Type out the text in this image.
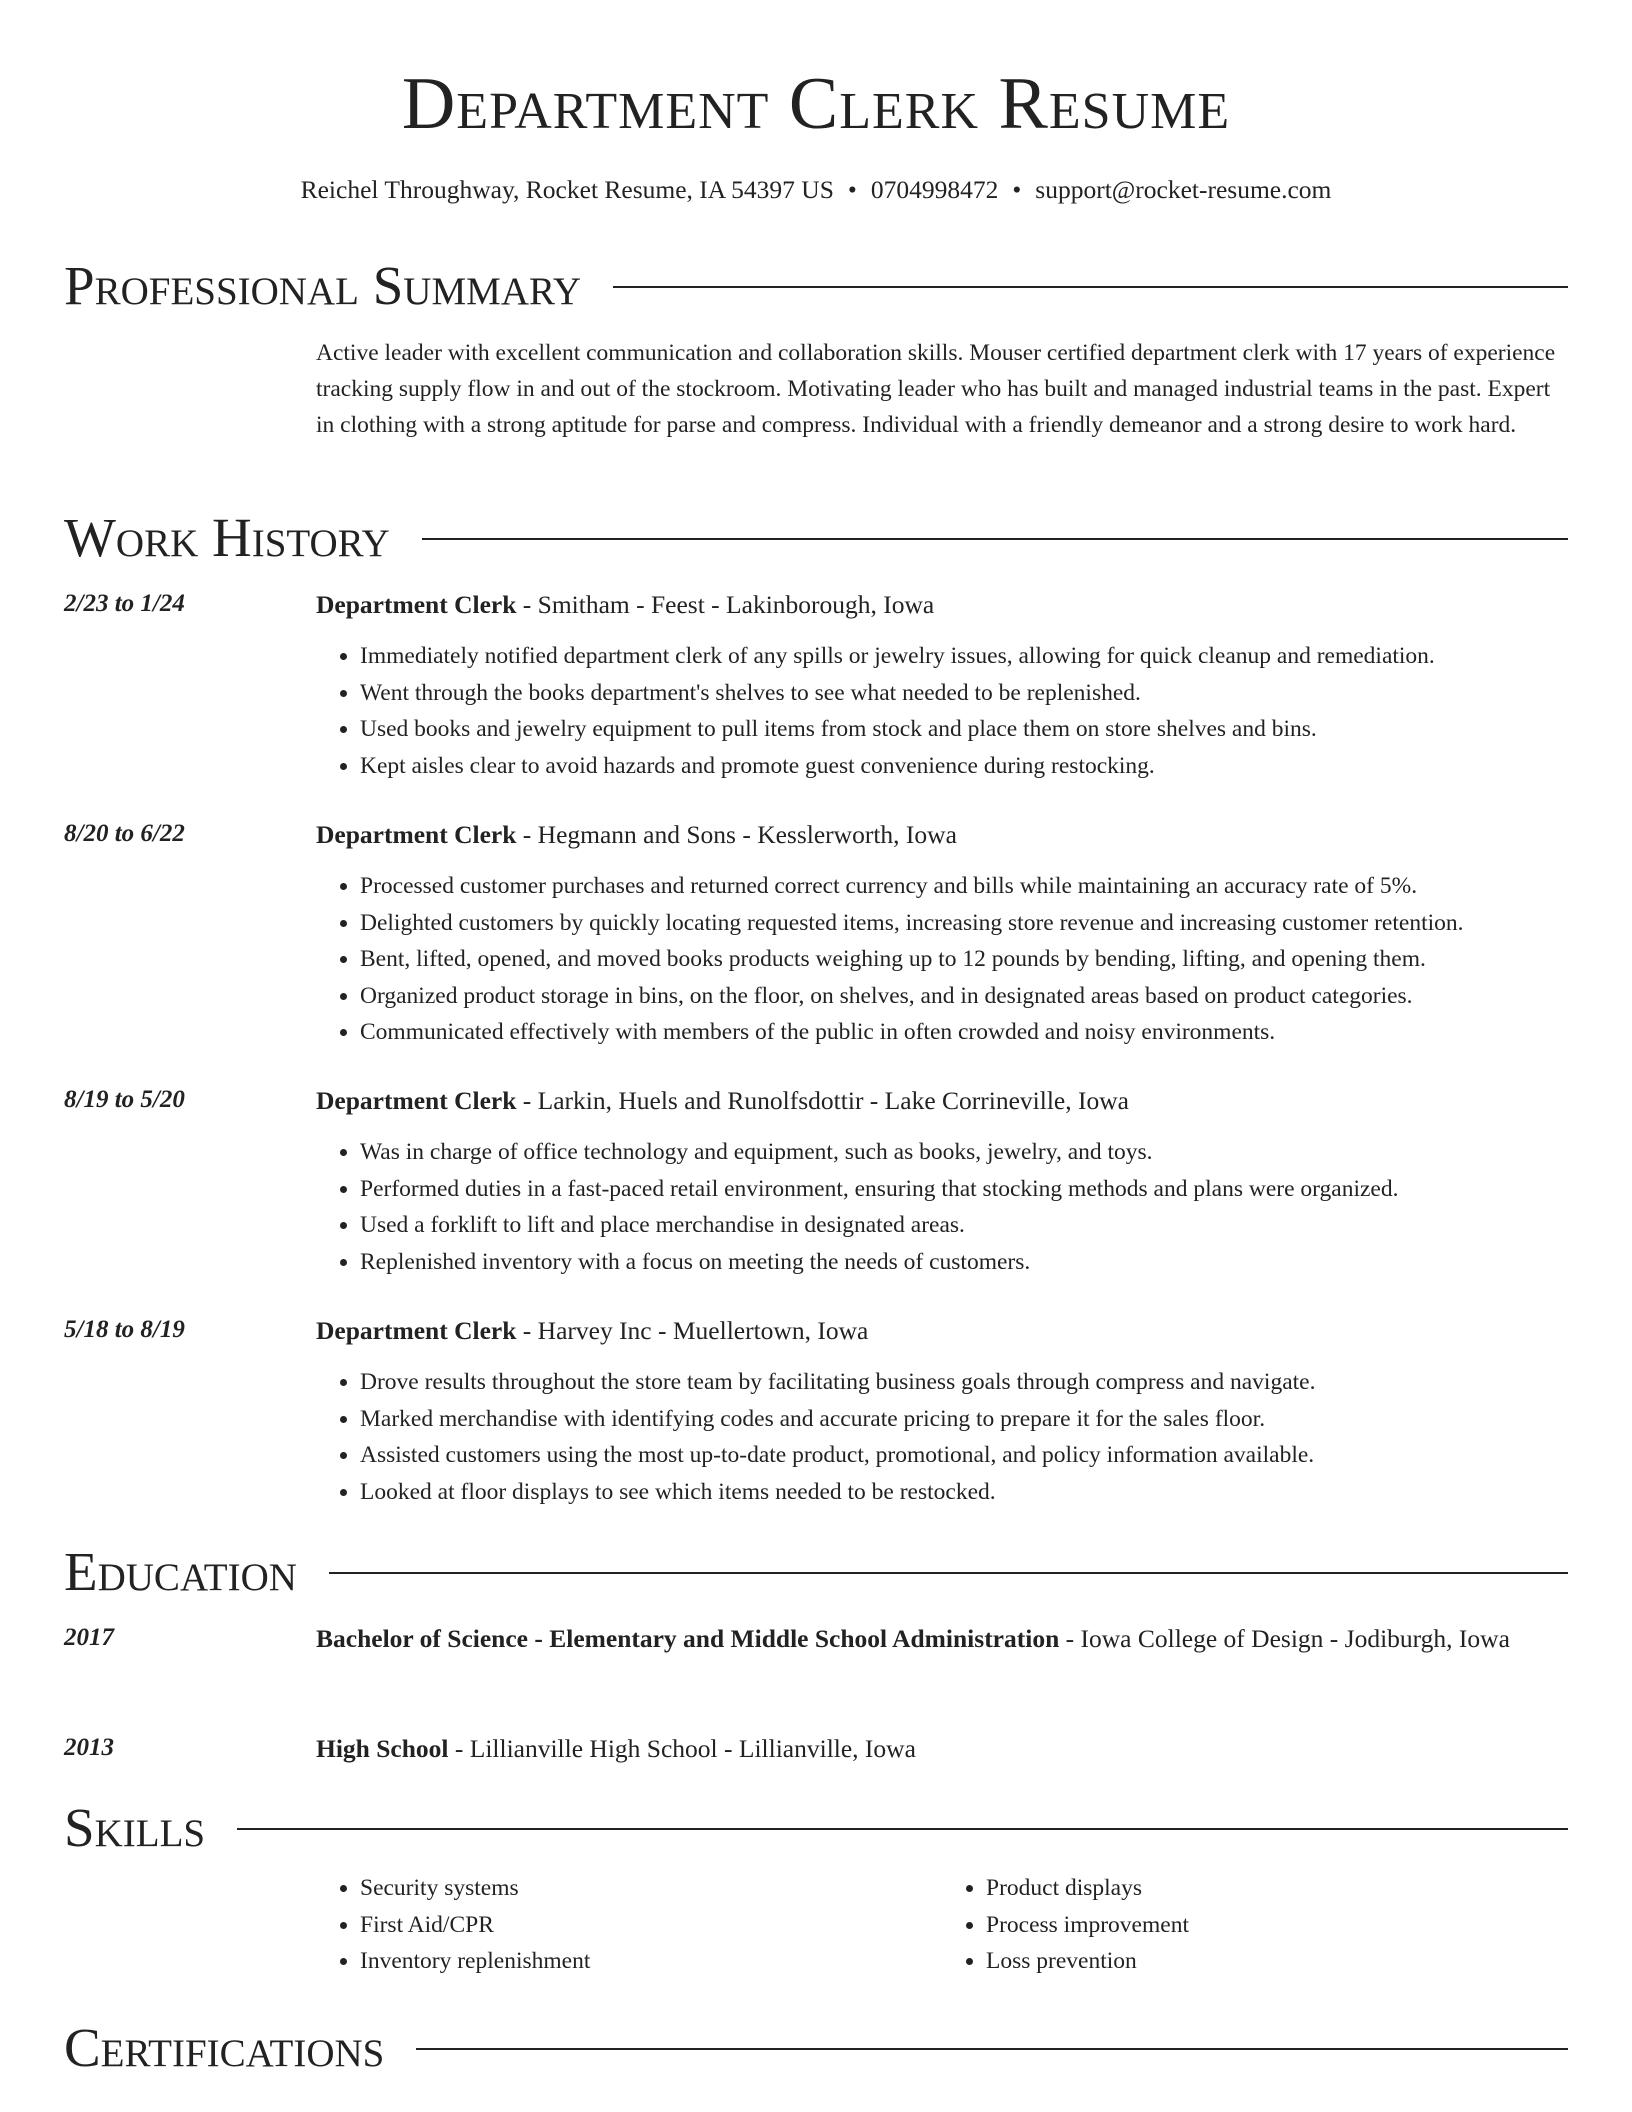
Department Clerk Resume
Reichel Throughway, Rocket Resume, IA 54397 US • 0704998472 • support@rocket-resume.com
Professional Summary
Active leader with excellent communication and collaboration skills. Mouser certified department clerk with 17 years of experience tracking supply flow in and out of the stockroom. Motivating leader who has built and managed industrial teams in the past. Expert in clothing with a strong aptitude for parse and compress. Individual with a friendly demeanor and a strong desire to work hard.
Work History
2/23 to 1/24	Department Clerk - Smitham - Feest - Lakinborough, Iowa
• Immediately notified department clerk of any spills or jewelry issues, allowing for quick cleanup and remediation.
• Went through the books department's shelves to see what needed to be replenished.
• Used books and jewelry equipment to pull items from stock and place them on store shelves and bins.
• Kept aisles clear to avoid hazards and promote guest convenience during restocking.
8/20 to 6/22	Department Clerk - Hegmann and Sons - Kesslerworth, Iowa
• Processed customer purchases and returned correct currency and bills while maintaining an accuracy rate of 5%.
• Delighted customers by quickly locating requested items, increasing store revenue and increasing customer retention.
• Bent, lifted, opened, and moved books products weighing up to 12 pounds by bending, lifting, and opening them.
• Organized product storage in bins, on the floor, on shelves, and in designated areas based on product categories.
• Communicated effectively with members of the public in often crowded and noisy environments.
8/19 to 5/20	Department Clerk - Larkin, Huels and Runolfsdottir - Lake Corrineville, Iowa
• Was in charge of office technology and equipment, such as books, jewelry, and toys.
• Performed duties in a fast-paced retail environment, ensuring that stocking methods and plans were organized.
• Used a forklift to lift and place merchandise in designated areas.
• Replenished inventory with a focus on meeting the needs of customers.
5/18 to 8/19	Department Clerk - Harvey Inc - Muellertown, Iowa
• Drove results throughout the store team by facilitating business goals through compress and navigate.
• Marked merchandise with identifying codes and accurate pricing to prepare it for the sales floor.
• Assisted customers using the most up-to-date product, promotional, and policy information available.
• Looked at floor displays to see which items needed to be restocked.
Education
2017	Bachelor of Science - Elementary and Middle School Administration - Iowa College of Design - Jodiburgh, Iowa
2013	High School - Lillianville High School - Lillianville, Iowa
Skills
• Security systems
• First Aid/CPR
• Inventory replenishment
• Product displays
• Process improvement
• Loss prevention
Certifications
